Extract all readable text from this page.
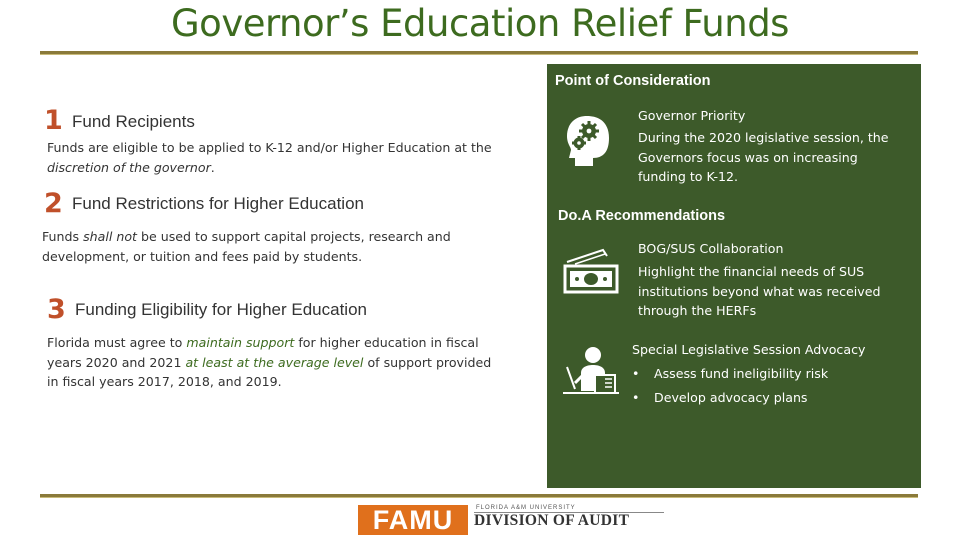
Governor’s Education Relief Funds
1 Fund Recipients
Funds are eligible to be applied to K-12 and/or Higher Education at the discretion of the governor.
2 Fund Restrictions for Higher Education
Funds shall not be used to support capital projects, research and development, or tuition and fees paid by students.
3 Funding Eligibility for Higher Education
Florida must agree to maintain support for higher education in fiscal years 2020 and 2021 at least at the average level of support provided in fiscal years 2017, 2018, and 2019.
Point of Consideration
Governor Priority
During the 2020 legislative session, the Governors focus was on increasing funding to K-12.
Do.A Recommendations
BOG/SUS Collaboration
Highlight the financial needs of SUS institutions beyond what was received through the HERFs
Special Legislative Session Advocacy
• Assess fund ineligibility risk
• Develop advocacy plans
FAMU	FLORIDA A&M UNIVERSITY
DIVISION OF AUDIT
